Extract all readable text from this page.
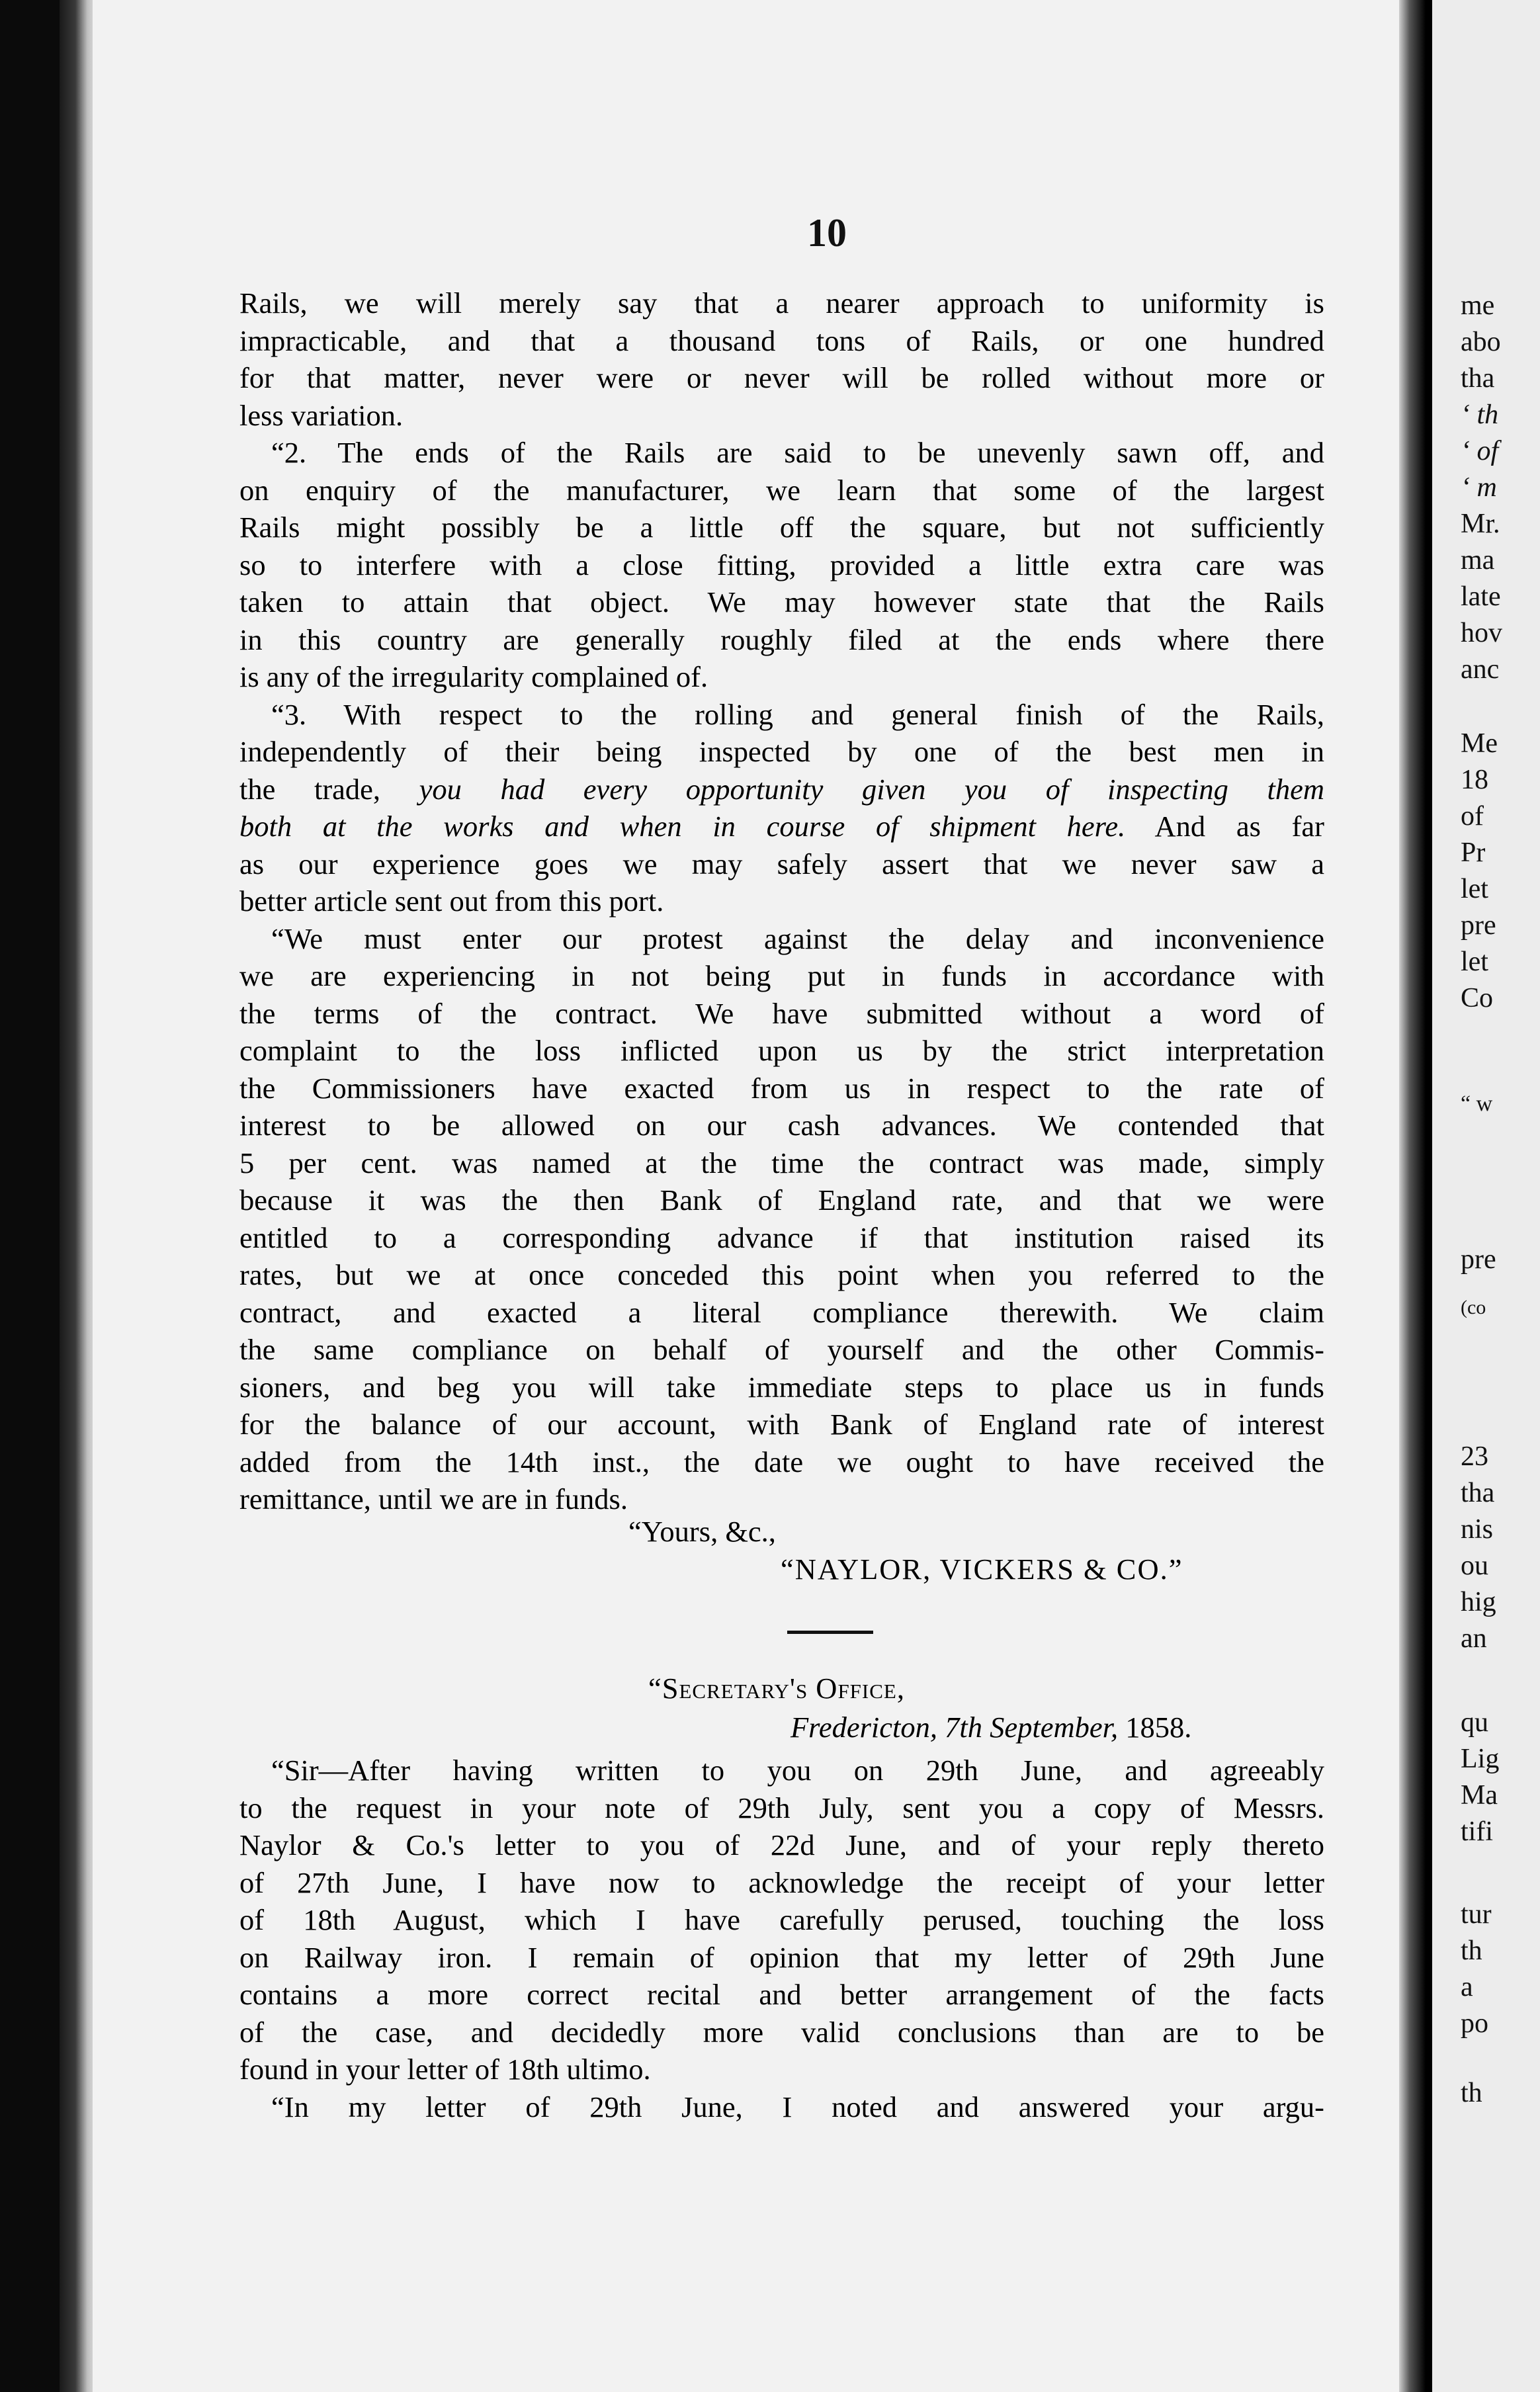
10
Rails, we will merely say that a nearer approach to uniformity is
impracticable, and that a thousand tons of Rails, or one hundred
for that matter, never were or never will be rolled without more or
less variation.
“2. The ends of the Rails are said to be unevenly sawn off, and
on enquiry of the manufacturer, we learn that some of the largest
Rails might possibly be a little off the square, but not sufficiently
so to interfere with a close fitting, provided a little extra care was
taken to attain that object. We may however state that the Rails
in this country are generally roughly filed at the ends where there
is any of the irregularity complained of.
“3. With respect to the rolling and general finish of the Rails,
independently of their being inspected by one of the best men in
the trade, you had every opportunity given you of inspecting them
both at the works and when in course of shipment here. And as far
as our experience goes we may safely assert that we never saw a
better article sent out from this port.
“We must enter our protest against the delay and inconvenience
we are experiencing in not being put in funds in accordance with
the terms of the contract. We have submitted without a word of
complaint to the loss inflicted upon us by the strict interpretation
the Commissioners have exacted from us in respect to the rate of
interest to be allowed on our cash advances. We contended that
5 per cent. was named at the time the contract was made, simply
because it was the then Bank of England rate, and that we were
entitled to a corresponding advance if that institution raised its
rates, but we at once conceded this point when you referred to the
contract, and exacted a literal compliance therewith. We claim
the same compliance on behalf of yourself and the other Commis-
sioners, and beg you will take immediate steps to place us in funds
for the balance of our account, with Bank of England rate of interest
added from the 14th inst., the date we ought to have received the
remittance, until we are in funds.
“Yours, &c.,
“NAYLOR, VICKERS & CO.”
“Secretary's Office,
Fredericton, 7th September, 1858.
“Sir—After having written to you on 29th June, and agreeably
to the request in your note of 29th July, sent you a copy of Messrs.
Naylor & Co.'s letter to you of 22d June, and of your reply thereto
of 27th June, I have now to acknowledge the receipt of your letter
of 18th August, which I have carefully perused, touching the loss
on Railway iron. I remain of opinion that my letter of 29th June
contains a more correct recital and better arrangement of the facts
of the case, and decidedly more valid conclusions than are to be
found in your letter of 18th ultimo.
“In my letter of 29th June, I noted and answered your argu-
me
abo
tha
‘ th
‘ of
‘ m
Mr.
ma
late
hov
anc
Me
18
of
Pr
let
pre
let
Co
“ w
pre
(co
23
tha
nis
ou
hig
an
qu
Lig
Ma
tifi
tur
th
a
po
th
